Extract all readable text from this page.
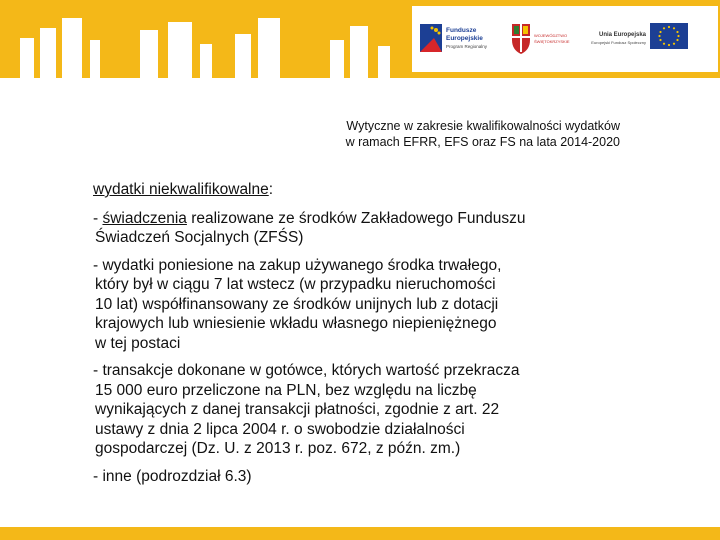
Fundusze
Europejskie
Program Regionalny
WOJEWÓDZTWO
ŚWIĘTOKRZYSKIE
Unia Europejska
Europejski Fundusz Społeczny
Wytyczne w zakresie kwalifikowalności wydatków
w ramach EFRR, EFS oraz FS na lata 2014-2020
wydatki niekwalifikowalne:
- świadczenia realizowane ze środków Zakładowego Funduszu
Świadczeń Socjalnych (ZFŚS)
- wydatki poniesione na zakup używanego środka trwałego,
który był w ciągu 7 lat wstecz (w przypadku nieruchomości
10 lat) współfinansowany ze środków unijnych lub z dotacji
krajowych lub wniesienie wkładu własnego niepieniężnego
w tej postaci
- transakcje dokonane w gotówce, których wartość przekracza
15 000 euro przeliczone na PLN, bez względu na liczbę
wynikających z danej transakcji płatności, zgodnie z art. 22
ustawy z dnia 2 lipca 2004 r. o swobodzie działalności
gospodarczej (Dz. U. z 2013 r. poz. 672, z późn. zm.)
- inne (podrozdział 6.3)
